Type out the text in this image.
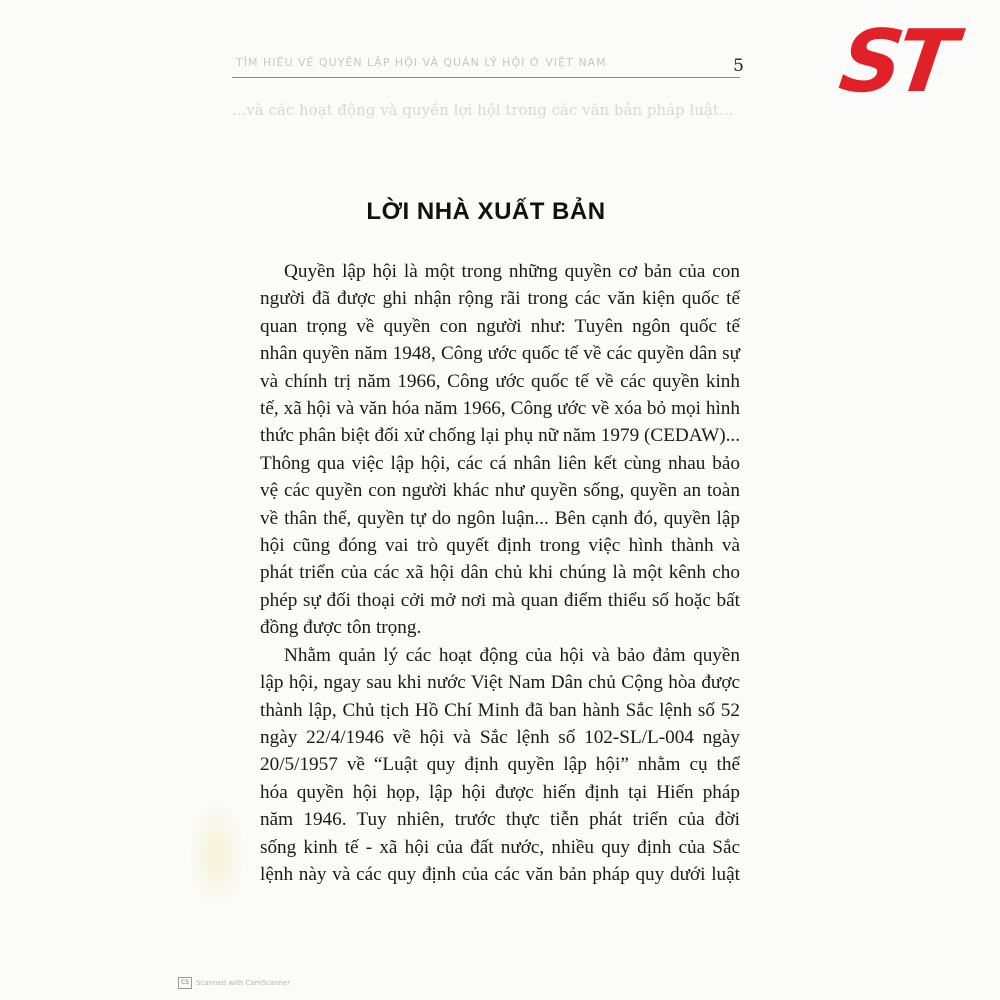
ST
TÌM HIỂU VỀ QUYỀN LẬP HỘI VÀ QUẢN LÝ HỘI Ở VIỆT NAM	5
...và các hoạt động và quyền lợi hội trong các văn bản pháp luật...
LỜI NHÀ XUẤT BẢN
Quyền lập hội là một trong những quyền cơ bản của con
người đã được ghi nhận rộng rãi trong các văn kiện quốc tế
quan trọng về quyền con người như: Tuyên ngôn quốc tế
nhân quyền năm 1948, Công ước quốc tế về các quyền dân sự
và chính trị năm 1966, Công ước quốc tế về các quyền kinh
tế, xã hội và văn hóa năm 1966, Công ước về xóa bỏ mọi hình
thức phân biệt đối xử chống lại phụ nữ năm 1979 (CEDAW)...
Thông qua việc lập hội, các cá nhân liên kết cùng nhau bảo
vệ các quyền con người khác như quyền sống, quyền an toàn
về thân thể, quyền tự do ngôn luận... Bên cạnh đó, quyền lập
hội cũng đóng vai trò quyết định trong việc hình thành và
phát triển của các xã hội dân chủ khi chúng là một kênh cho
phép sự đối thoại cởi mở nơi mà quan điểm thiểu số hoặc bất
đồng được tôn trọng.
Nhằm quản lý các hoạt động của hội và bảo đảm quyền
lập hội, ngay sau khi nước Việt Nam Dân chủ Cộng hòa được
thành lập, Chủ tịch Hồ Chí Minh đã ban hành Sắc lệnh số 52
ngày 22/4/1946 về hội và Sắc lệnh số 102-SL/L-004 ngày
20/5/1957 về “Luật quy định quyền lập hội” nhằm cụ thể
hóa quyền hội họp, lập hội được hiến định tại Hiến pháp
năm 1946. Tuy nhiên, trước thực tiễn phát triển của đời
sống kinh tế - xã hội của đất nước, nhiều quy định của Sắc
lệnh này và các quy định của các văn bản pháp quy dưới luật
CS	Scanned with CamScanner
